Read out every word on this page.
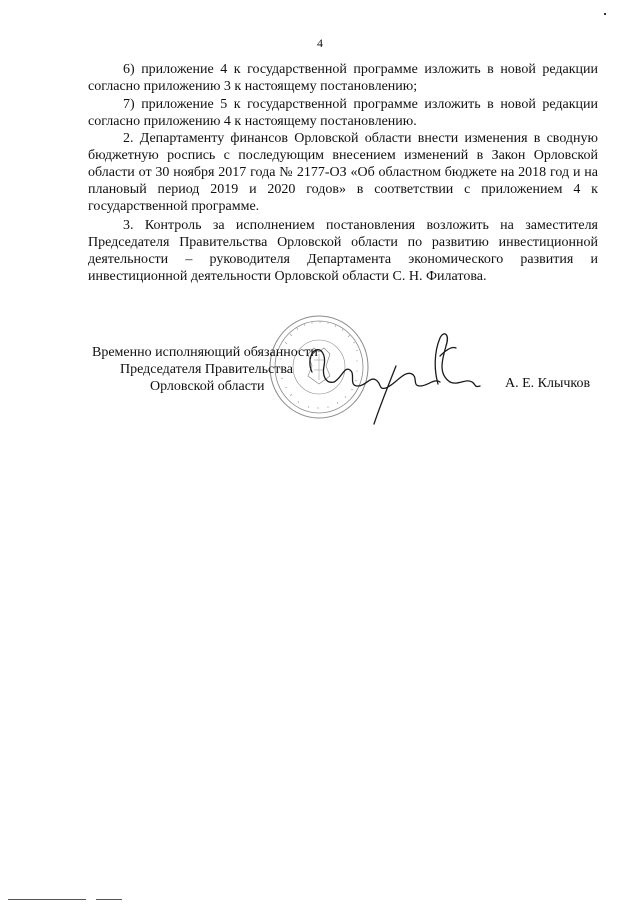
4

6) приложение 4 к государственной программе изложить в новой редакции согласно приложению 3 к настоящему постановлению;

7) приложение 5 к государственной программе изложить в новой редакции согласно приложению 4 к настоящему постановлению.

2. Департаменту финансов Орловской области внести изменения в сводную бюджетную роспись с последующим внесением изменений в Закон Орловской области от 30 ноября 2017 года № 2177-ОЗ «Об областном бюджете на 2018 год и на плановый период 2019 и 2020 годов» в соответствии с приложением 4 к государственной программе.

3. Контроль за исполнением постановления возложить на заместителя Председателя Правительства Орловской области по развитию инвестиционной деятельности – руководителя Департамента экономического развития и инвестиционной деятельности Орловской области С. Н. Филатова.

Временно исполняющий обязанности
Председателя Правительства
Орловской области	А. Е. Клычков
